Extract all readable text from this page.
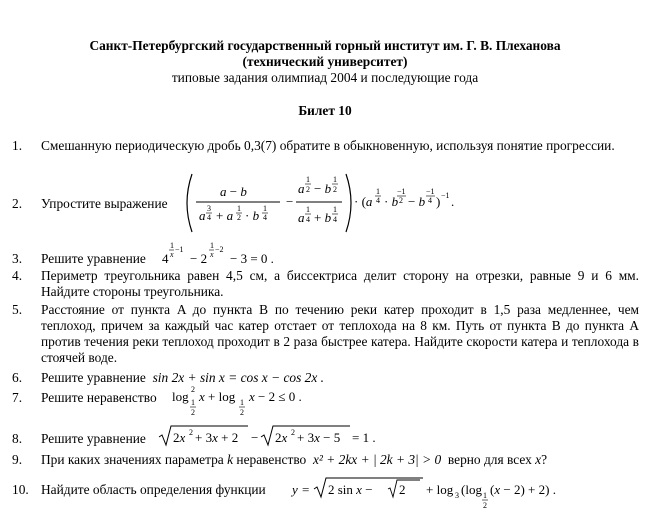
Санкт-Петербургский государственный горный институт им. Г. В. Плеханова
(технический университет)
типовые задания олимпиад 2004 и последующие года
Билет 10
1. Смешанную периодическую дробь 0,3(7) обратите в обыкновенную, используя понятие прогрессии.
2. Упростите выражение
a − b
a 3
4 + a 1
2 · b 1
4
−
a
1
2 − b
1
2
a
1
4 + b
1
4
· (a
1
4 · b
−1
2 − b
−1
4 ) −1 .
3. Решите уравнение	4
1
x
−1
− 2
1
x
−2
− 3 = 0 .
4. Периметр треугольника равен 4,5 см, а биссектриса делит сторону на отрезки, равные 9 и 6 мм. Найдите стороны треугольника.
5. Расстояние от пункта A до пункта B по течению реки катер проходит в 1,5 раза медленнее, чем теплоход, причем за каждый час катер отстает от теплохода на 8 км. Путь от пункта B до пункта A против течения реки теплоход проходит в 2 раза быстрее катера. Найдите скорости катера и теплохода в стоячей воде.
6. Решите уравнение sin 2x + sin x = cos x − cos 2x .
7. Решите неравенство	log 2
1
2
x + log 1
2
x − 2 ≤ 0 .
8. Решите уравнение	2x 2 + 3x + 2 − 2x 2 + 3x − 5 = 1 .
9. При каких значениях параметра k неравенство x² + 2kx + | 2k + 3| > 0 верно для всех x?
10. Найдите область определения функции	y = 2 sin x − 2 + log 3 (log 1
2
(x − 2) + 2) .
